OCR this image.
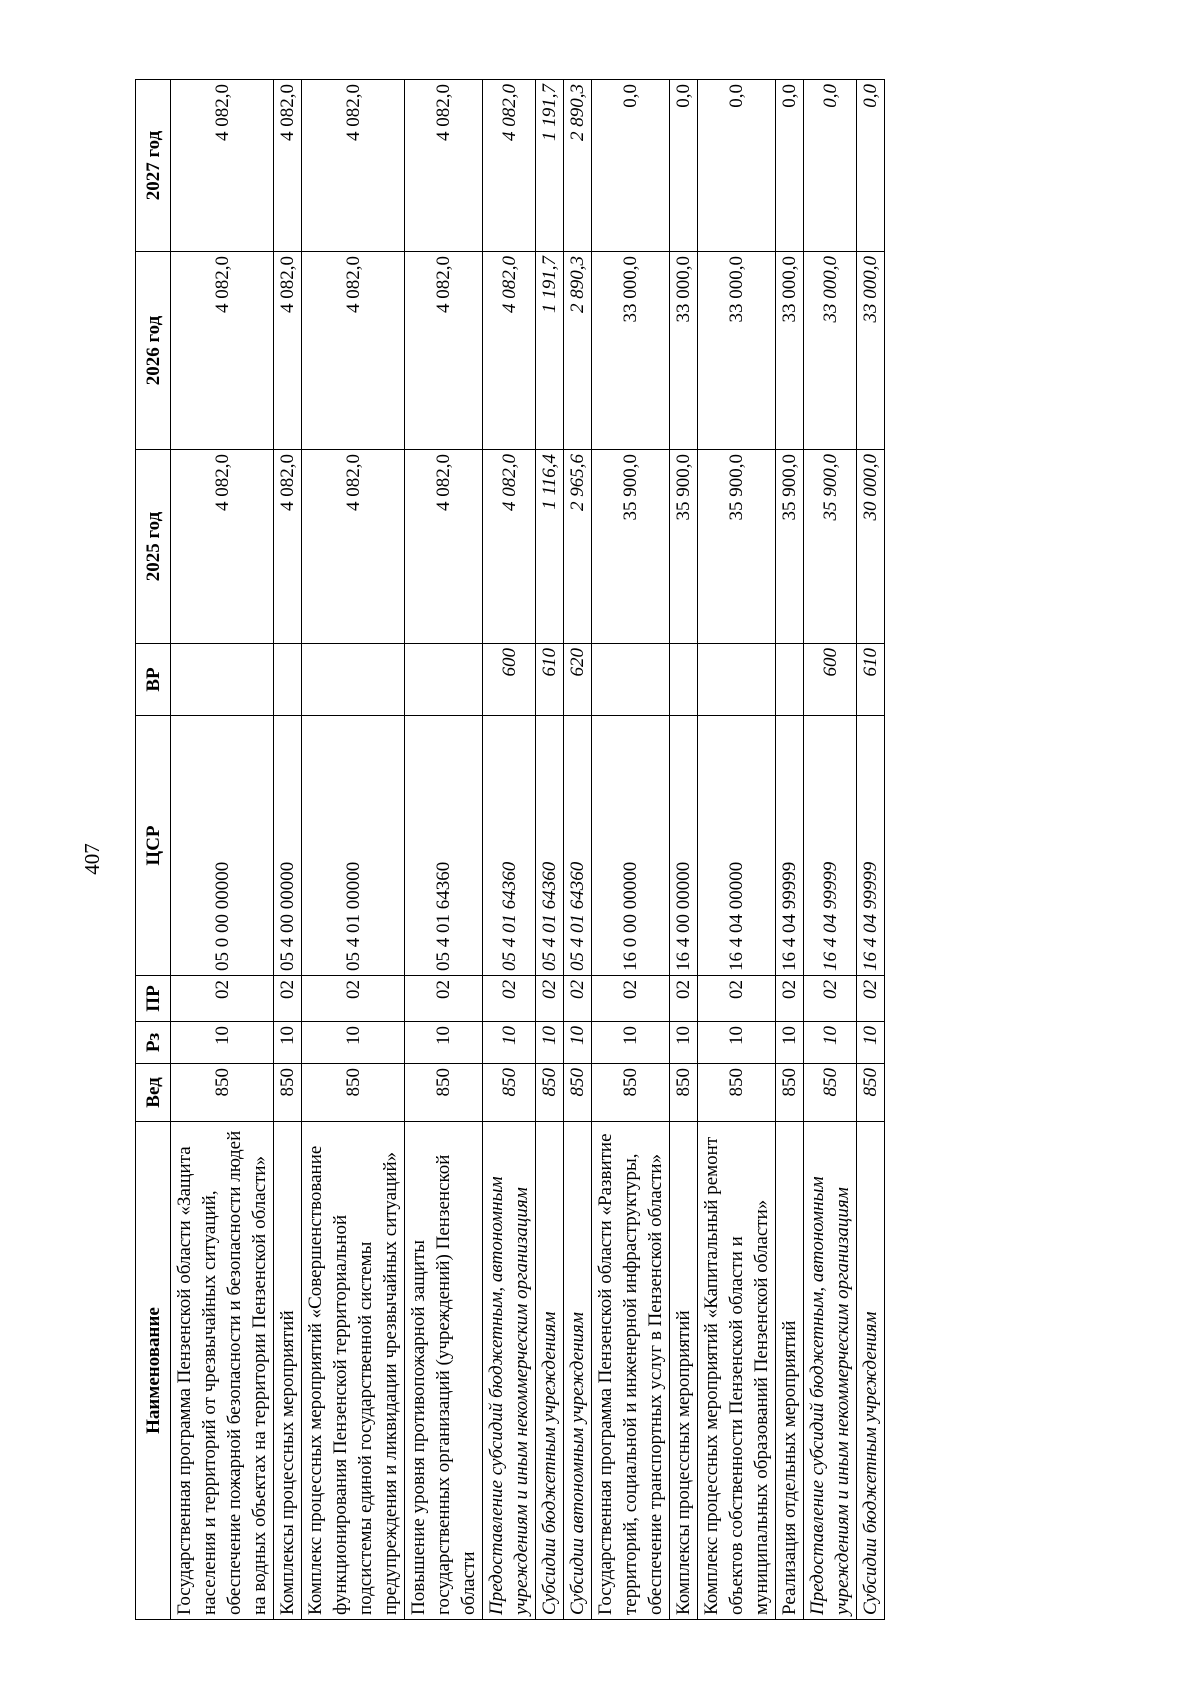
407
Наименование	Вед	Рз	ПР	ЦСР	ВР	2025 год	2026 год	2027 год
Государственная программа Пензенской области «Защита населения и территорий от чрезвычайных ситуаций, обеспечение пожарной безопасности и безопасности людей на водных объектах на территории Пензенской области»	850	10	02	05 0 00 00000		4 082,0	4 082,0	4 082,0
Комплексы процессных мероприятий	850	10	02	05 4 00 00000		4 082,0	4 082,0	4 082,0
Комплекс процессных мероприятий «Совершенствование функционирования Пензенской территориальной подсистемы единой государственной системы предупреждения и ликвидации чрезвычайных ситуаций»	850	10	02	05 4 01 00000		4 082,0	4 082,0	4 082,0
Повышение уровня противопожарной защиты государственных организаций (учреждений) Пензенской области	850	10	02	05 4 01 64360		4 082,0	4 082,0	4 082,0
Предоставление субсидий бюджетным, автономным учреждениям и иным некоммерческим организациям	850	10	02	05 4 01 64360	600	4 082,0	4 082,0	4 082,0
Субсидии бюджетным учреждениям	850	10	02	05 4 01 64360	610	1 116,4	1 191,7	1 191,7
Субсидии автономным учреждениям	850	10	02	05 4 01 64360	620	2 965,6	2 890,3	2 890,3
Государственная программа Пензенской области «Развитие территорий, социальной и инженерной инфраструктуры, обеспечение транспортных услуг в Пензенской области»	850	10	02	16 0 00 00000		35 900,0	33 000,0	0,0
Комплексы процессных мероприятий	850	10	02	16 4 00 00000		35 900,0	33 000,0	0,0
Комплекс процессных мероприятий «Капитальный ремонт объектов собственности Пензенской области и муниципальных образований Пензенской области»	850	10	02	16 4 04 00000		35 900,0	33 000,0	0,0
Реализация отдельных мероприятий	850	10	02	16 4 04 99999		35 900,0	33 000,0	0,0
Предоставление субсидий бюджетным, автономным учреждениям и иным некоммерческим организациям	850	10	02	16 4 04 99999	600	35 900,0	33 000,0	0,0
Субсидии бюджетным учреждениям	850	10	02	16 4 04 99999	610	30 000,0	33 000,0	0,0
